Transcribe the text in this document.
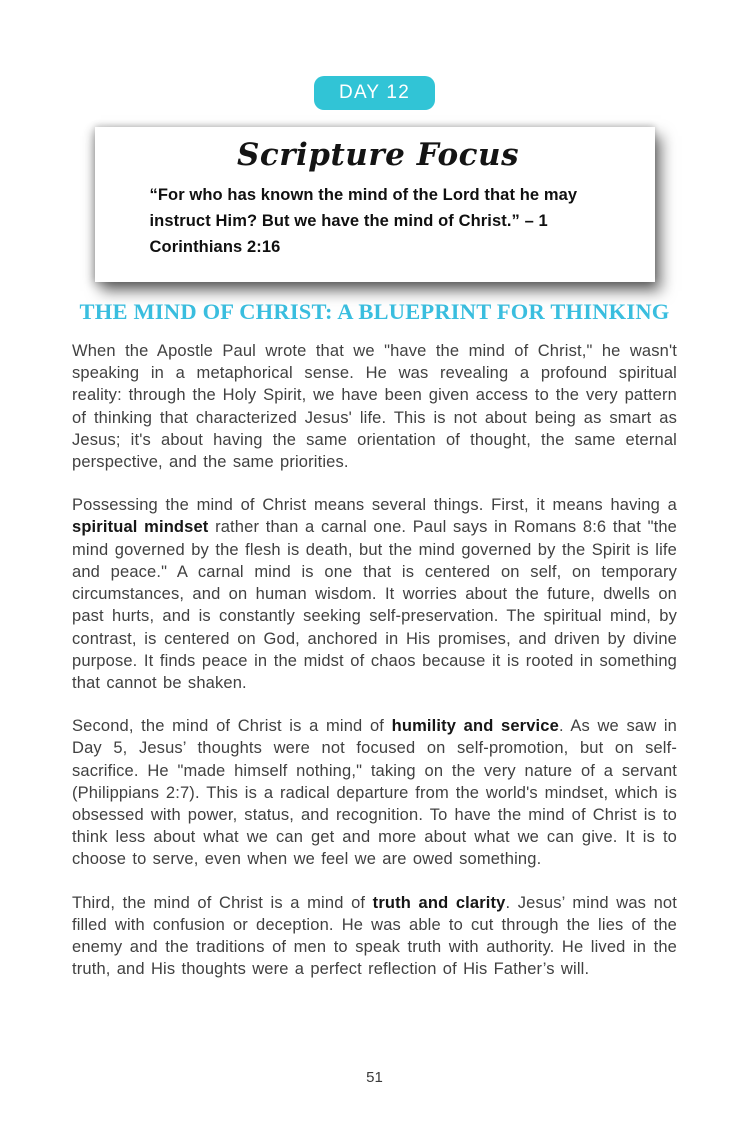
DAY 12
Scripture Focus
“For who has known the mind of the Lord that he may instruct Him? But we have the mind of Christ.” – 1 Corinthians 2:16
THE MIND OF CHRIST: A BLUEPRINT FOR THINKING

When the Apostle Paul wrote that we "have the mind of Christ," he wasn't speaking in a metaphorical sense. He was revealing a profound spiritual reality: through the Holy Spirit, we have been given access to the very pattern of thinking that characterized Jesus' life. This is not about being as smart as Jesus; it's about having the same orientation of thought, the same eternal perspective, and the same priorities.

Possessing the mind of Christ means several things. First, it means having a spiritual mindset rather than a carnal one. Paul says in Romans 8:6 that "the mind governed by the flesh is death, but the mind governed by the Spirit is life and peace." A carnal mind is one that is centered on self, on temporary circumstances, and on human wisdom. It worries about the future, dwells on past hurts, and is constantly seeking self-preservation. The spiritual mind, by contrast, is centered on God, anchored in His promises, and driven by divine purpose. It finds peace in the midst of chaos because it is rooted in something that cannot be shaken.

Second, the mind of Christ is a mind of humility and service. As we saw in Day 5, Jesus’ thoughts were not focused on self-promotion, but on self-sacrifice. He "made himself nothing," taking on the very nature of a servant (Philippians 2:7). This is a radical departure from the world's mindset, which is obsessed with power, status, and recognition. To have the mind of Christ is to think less about what we can get and more about what we can give. It is to choose to serve, even when we feel we are owed something.

Third, the mind of Christ is a mind of truth and clarity. Jesus’ mind was not filled with confusion or deception. He was able to cut through the lies of the enemy and the traditions of men to speak truth with authority. He lived in the truth, and His thoughts were a perfect reflection of His Father’s will.

51
